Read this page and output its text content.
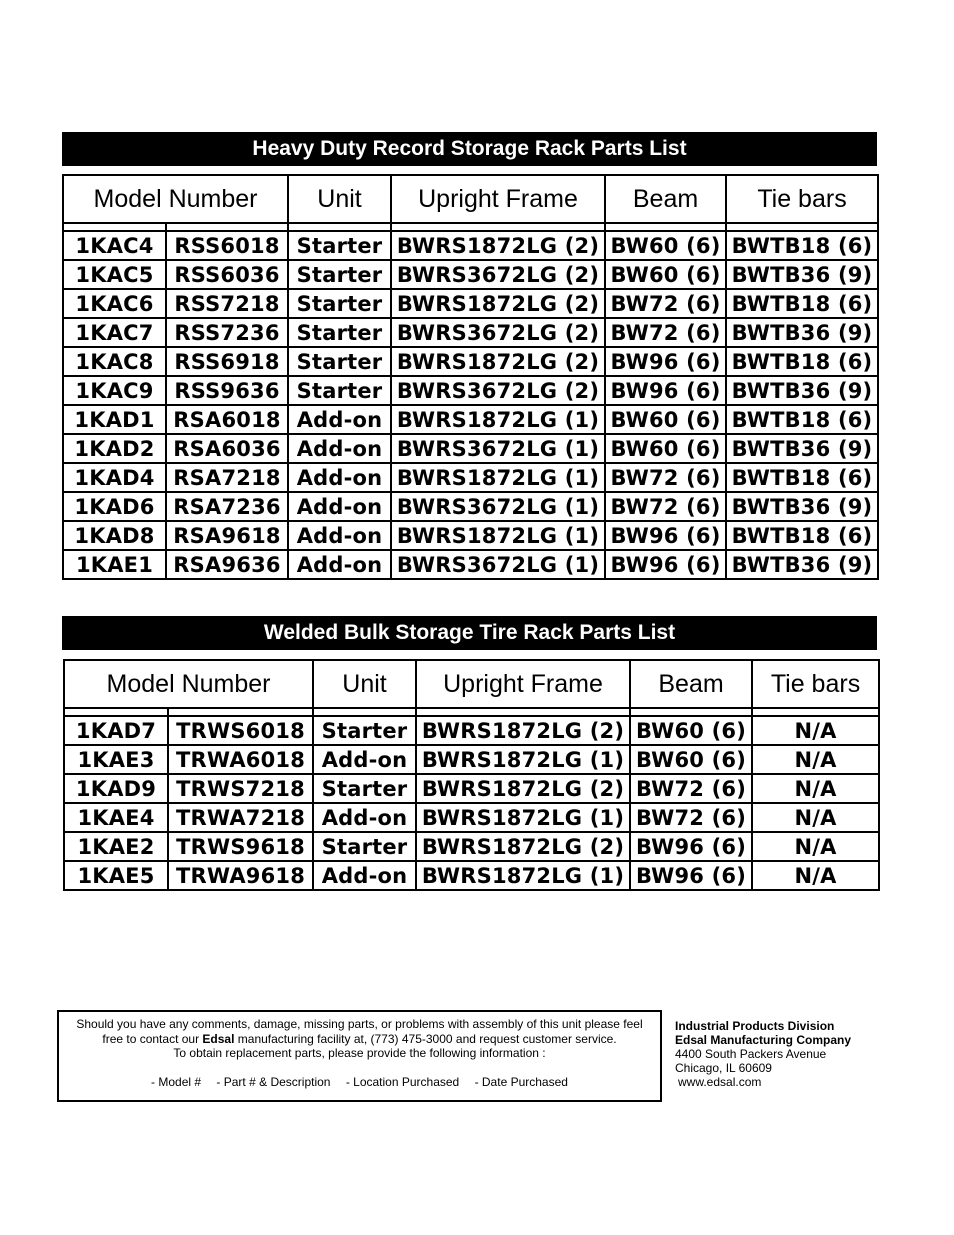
Heavy Duty Record Storage Rack Parts List
Model Number		Unit	Upright Frame	Beam	Tie bars

1KAC4	RSS6018	Starter	BWRS1872LG (2)	BW60 (6)	BWTB18 (6)
1KAC5	RSS6036	Starter	BWRS3672LG (2)	BW60 (6)	BWTB36 (9)
1KAC6	RSS7218	Starter	BWRS1872LG (2)	BW72 (6)	BWTB18 (6)
1KAC7	RSS7236	Starter	BWRS3672LG (2)	BW72 (6)	BWTB36 (9)
1KAC8	RSS6918	Starter	BWRS1872LG (2)	BW96 (6)	BWTB18 (6)
1KAC9	RSS9636	Starter	BWRS3672LG (2)	BW96 (6)	BWTB36 (9)
1KAD1	RSA6018	Add-on	BWRS1872LG (1)	BW60 (6)	BWTB18 (6)
1KAD2	RSA6036	Add-on	BWRS3672LG (1)	BW60 (6)	BWTB36 (9)
1KAD4	RSA7218	Add-on	BWRS1872LG (1)	BW72 (6)	BWTB18 (6)
1KAD6	RSA7236	Add-on	BWRS3672LG (1)	BW72 (6)	BWTB36 (9)
1KAD8	RSA9618	Add-on	BWRS1872LG (1)	BW96 (6)	BWTB18 (6)
1KAE1	RSA9636	Add-on	BWRS3672LG (1)	BW96 (6)	BWTB36 (9)
Welded Bulk Storage Tire Rack Parts List
Model Number		Unit	Upright Frame	Beam	Tie bars

1KAD7	TRWS6018	Starter	BWRS1872LG (2)	BW60 (6)	N/A
1KAE3	TRWA6018	Add-on	BWRS1872LG (1)	BW60 (6)	N/A
1KAD9	TRWS7218	Starter	BWRS1872LG (2)	BW72 (6)	N/A
1KAE4	TRWA7218	Add-on	BWRS1872LG (1)	BW72 (6)	N/A
1KAE2	TRWS9618	Starter	BWRS1872LG (2)	BW96 (6)	N/A
1KAE5	TRWA9618	Add-on	BWRS1872LG (1)	BW96 (6)	N/A

Should you have any comments, damage, missing parts, or problems with assembly of this unit please feel

free to contact our Edsal manufacturing facility at, (773) 475-3000 and request customer service.

To obtain replacement parts, please provide the following information :

- Model # - Part # & Description - Location Purchased - Date Purchased

Industrial Products Division
Edsal Manufacturing Company
4400 South Packers Avenue
Chicago, IL 60609
www.edsal.com
